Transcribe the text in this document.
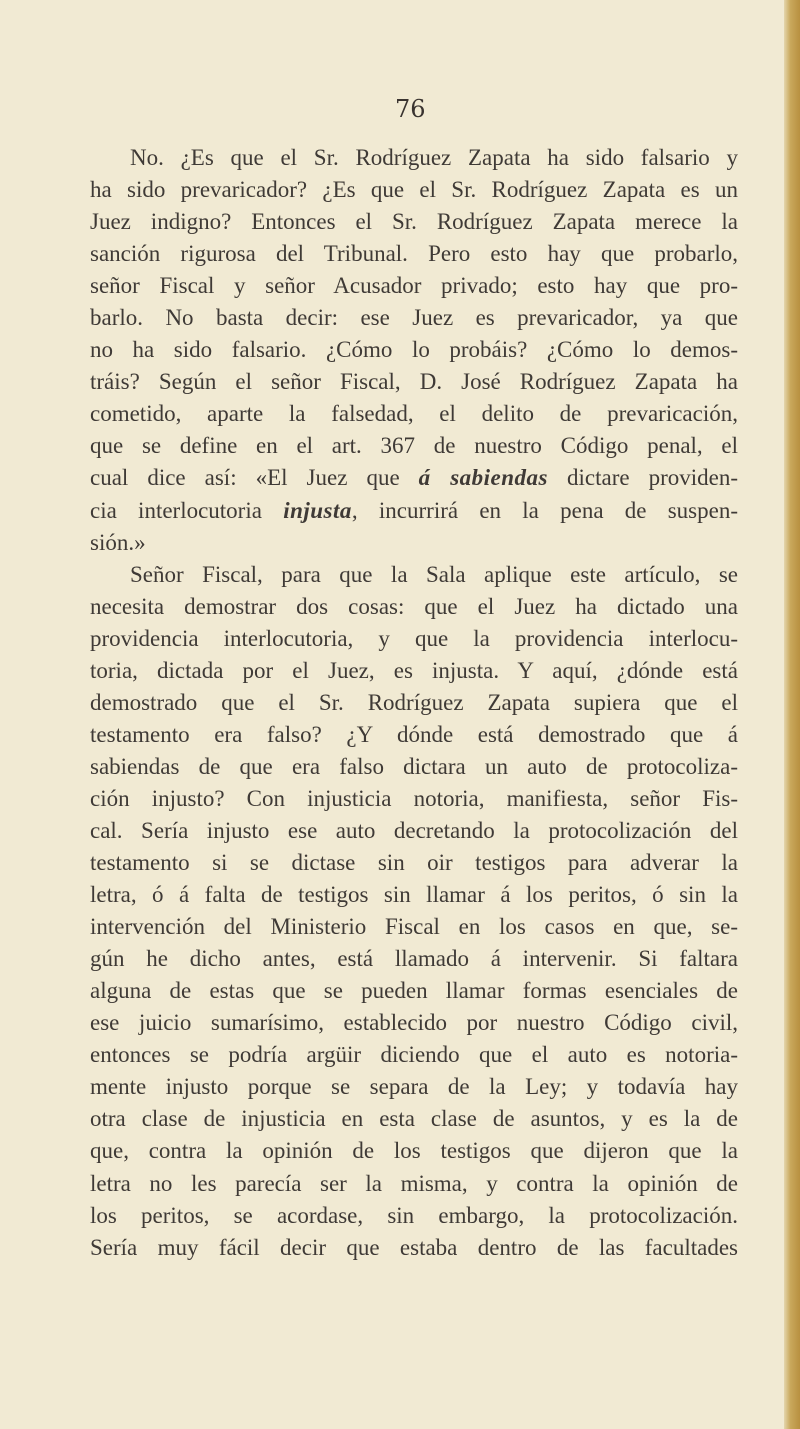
76
No. ¿Es que el Sr. Rodríguez Zapata ha sido falsario y
ha sido prevaricador? ¿Es que el Sr. Rodríguez Zapata es un
Juez indigno? Entonces el Sr. Rodríguez Zapata merece la
sanción rigurosa del Tribunal. Pero esto hay que probarlo,
señor Fiscal y señor Acusador privado; esto hay que pro-
barlo. No basta decir: ese Juez es prevaricador, ya que
no ha sido falsario. ¿Cómo lo probáis? ¿Cómo lo demos-
tráis? Según el señor Fiscal, D. José Rodríguez Zapata ha
cometido, aparte la falsedad, el delito de prevaricación,
que se define en el art. 367 de nuestro Código penal, el
cual dice así: «El Juez que á sabiendas dictare providen-
cia interlocutoria injusta, incurrirá en la pena de suspen-
sión.»
Señor Fiscal, para que la Sala aplique este artículo, se
necesita demostrar dos cosas: que el Juez ha dictado una
providencia interlocutoria, y que la providencia interlocu-
toria, dictada por el Juez, es injusta. Y aquí, ¿dónde está
demostrado que el Sr. Rodríguez Zapata supiera que el
testamento era falso? ¿Y dónde está demostrado que á
sabiendas de que era falso dictara un auto de protocoliza-
ción injusto? Con injusticia notoria, manifiesta, señor Fis-
cal. Sería injusto ese auto decretando la protocolización del
testamento si se dictase sin oir testigos para adverar la
letra, ó á falta de testigos sin llamar á los peritos, ó sin la
intervención del Ministerio Fiscal en los casos en que, se-
gún he dicho antes, está llamado á intervenir. Si faltara
alguna de estas que se pueden llamar formas esenciales de
ese juicio sumarísimo, establecido por nuestro Código civil,
entonces se podría argüir diciendo que el auto es notoria-
mente injusto porque se separa de la Ley; y todavía hay
otra clase de injusticia en esta clase de asuntos, y es la de
que, contra la opinión de los testigos que dijeron que la
letra no les parecía ser la misma, y contra la opinión de
los peritos, se acordase, sin embargo, la protocolización.
Sería muy fácil decir que estaba dentro de las facultades
